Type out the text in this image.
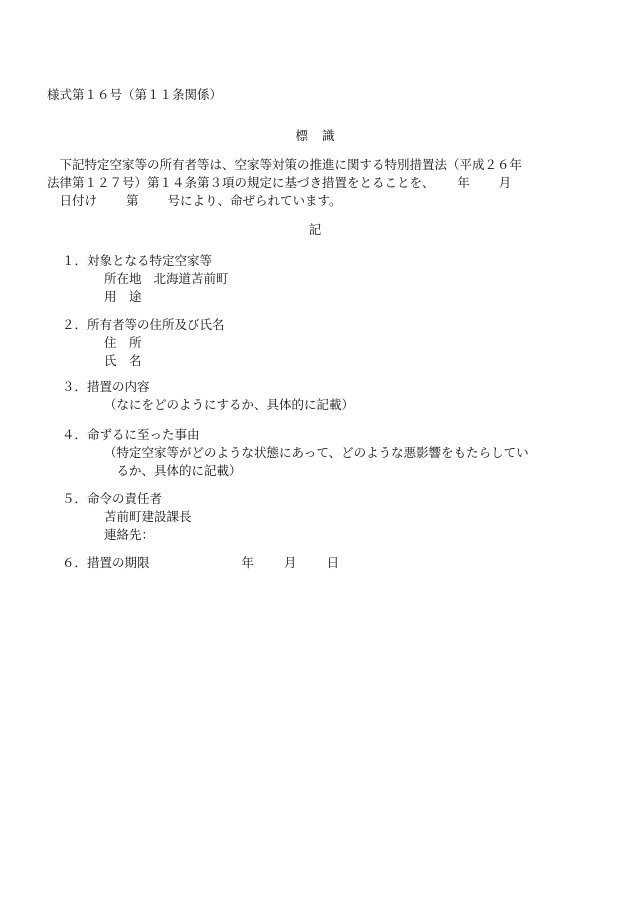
様式第１６号（第１１条関係）
標識
　下記特定空家等の所有者等は、空家等対策の推進に関する特別措置法（平成２６年
法律第１２７号）第１４条第３項の規定に基づき措置をとることを、　　 年　　 月
　日付け　　 第　　 号により、命ぜられています。
記
１．対象となる特定空家等
所在地 北海道苫前町
用　途
２．所有者等の住所及び氏名
住　所
氏　名
３．措置の内容
（なにをどのようにするか、具体的に記載）
４．命ずるに至った事由
（特定空家等がどのような状態にあって、どのような悪影響をもたらしてい
　るか、具体的に記載）
５．命令の責任者
苫前町建設課長
連絡先：
６．措置の期限	年 月 日
